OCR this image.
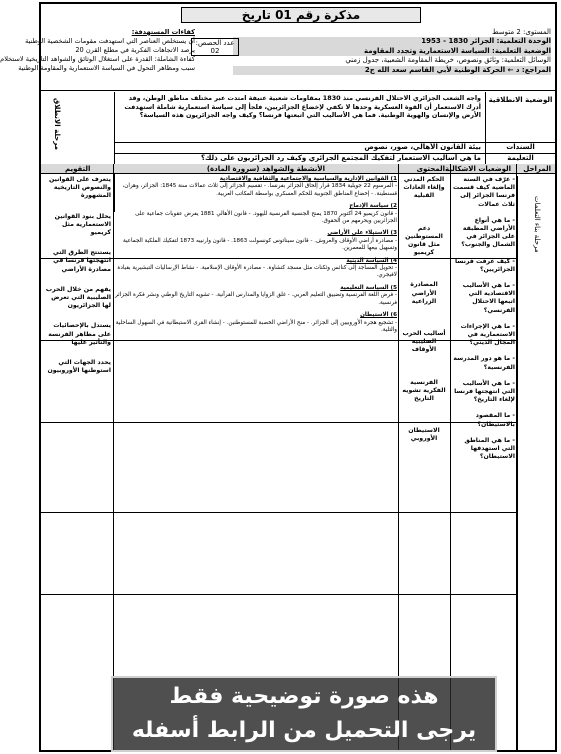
مذكرة رقم 01 تاريخ
المستوى: 2 متوسط
الوحدة التعلمية: الجزائر 1830 - 1953
الوضعية التعلمية: السياسة الاستعمارية وتجدد المقاومة
الوسائل التعلمية: وثائق ونصوص، خريطة المقاومة الشعبية، جدول زمني
المراجع: د ← الحركة الوطنية لأبي القاسم سعد الله ج2
عدد الحصص: 02
كفاءات المستهدفة:
أن يستخلص العناصر التي استهدفت مقومات الشخصية الوطنية
يرصد الاتجاهات الفكرية في مطلع القرن 20
كفاءة الشاملة: القدرة على استغلال الوثائق والشواهد التاريخية لاستخلام
سبب ومظاهر التحول في السياسة الاستعمارية والمقاومة الوطنية
الوضعية الانطلاقية
واجه الشعب الجزائري الاحتلال الفرنسي منذ 1830 بمقاومات شعبية عنيفة امتدت عبر مختلف مناطق الوطن، وقد أدرك الاستعمار أن القوة العسكرية وحدها لا تكفي لإخضاع الجزائريين، فلجأ إلى سياسة استعمارية شاملة استهدفت الأرض والإنسان والهوية الوطنية. فما هي الأساليب التي اتبعتها فرنسا؟ وكيف واجه الجزائريون هذه السياسة؟
مرحلة الانطلاق	السندات
بيئة القانون الأهالي، صور، نصوص
التعليمة
ما هي أساليب الاستعمار لتفكيك المجتمع الجزائري وكيف رد الجزائريون على ذلك؟
المراحل
الوضعيات الاشكالية
المحتوى
الأنشطة والشواهد (سرورة المادة)
التقويم
مرحلة بناء التعلمات

- عرّف في السنة الماضية كيف قسمت فرنسا الجزائر إلى ثلاث عمالات

- ما هي أنواع الأراضي المطبقة على الجزائر في الشمال والجنوب؟

- كيف عرفت فرنسا الجزائريين؟

- ما هي الأساليب الاقتصادية التي اتبعها الاحتلال الفرنسي؟

- ما هي الإجراءات الاستعمارية في المجال الديني؟

- ما هو دور المدرسة الفرنسية؟

- ما هي الأساليب التي انتهجتها فرنسا لإلغاء التاريخ؟

- ما المقصود بالاستيطان؟

- ما هي المناطق التي استهدفها الاستيطان؟

الحكم المدني وإلغاء العادات القبلية

دعم المستوطنين مثل قانون كريميو

المصادرة الأراضي الزراعية

أساليب الحرب الصليبية الأوقاف

الفرنسية الفكرية تشويه التاريخ

الاستيطان الأوروبي

1) القوانين الإدارية والسياسية والاجتماعية والثقافية والاقتصادية
- المرسوم 22 جويلية 1834 قرار إلحاق الجزائر بفرنسا. - تقسيم الجزائر إلى ثلاث عمالات سنة 1845: الجزائر، وهران، قسنطينة. - إخضاع المناطق الجنوبية للحكم العسكري بواسطة المكاتب العربية.
2) سياسة الإدماج
- قانون كريميو 24 أكتوبر 1870 يمنح الجنسية الفرنسية لليهود. - قانون الأهالي 1881 يفرض عقوبات جماعية على الجزائريين ويحرمهم من الحقوق.
3) الاستيلاء على الأراضي
- مصادرة أراضي الأوقاف والعروش. - قانون سيناتوس كونسولت 1863. - قانون وارنييه 1873 لتفكيك الملكية الجماعية وتسهيل بيعها للمعمرين.
4) السياسة الدينية
- تحويل المساجد إلى كنائس وثكنات مثل مسجد كتشاوة. - مصادرة الأوقاف الإسلامية. - نشاط الإرساليات التبشيرية بقيادة لافيجري.
5) السياسة التعليمية
- فرض اللغة الفرنسية وتضييق التعليم العربي. - غلق الزوايا والمدارس القرآنية. - تشويه التاريخ الوطني ونشر فكرة الجزائر فرنسية.
6) الاستيطان
- تشجيع هجرة الأوروبيين إلى الجزائر. - منح الأراضي الخصبة للمستوطنين. - إنشاء القرى الاستيطانية في السهول الساحلية والتلية.

يتعرف على القوانين والنصوص التاريخية المشهورة

يحلل بنود القوانين الاستعمارية مثل كريميو

يستنتج الطرق التي انتهجتها فرنسا في مصادرة الأراضي

يفهم من خلال الحرب الصليبية التي تعرض لها الجزائريون

يستدل بالإحصائيات على مظاهر الفرنسة والتأثير عليها

يحدد الجهات التي استوطنها الأوروبيون

هذه صورة توضيحية فقط
يرجى التحميل من الرابط أسفله
